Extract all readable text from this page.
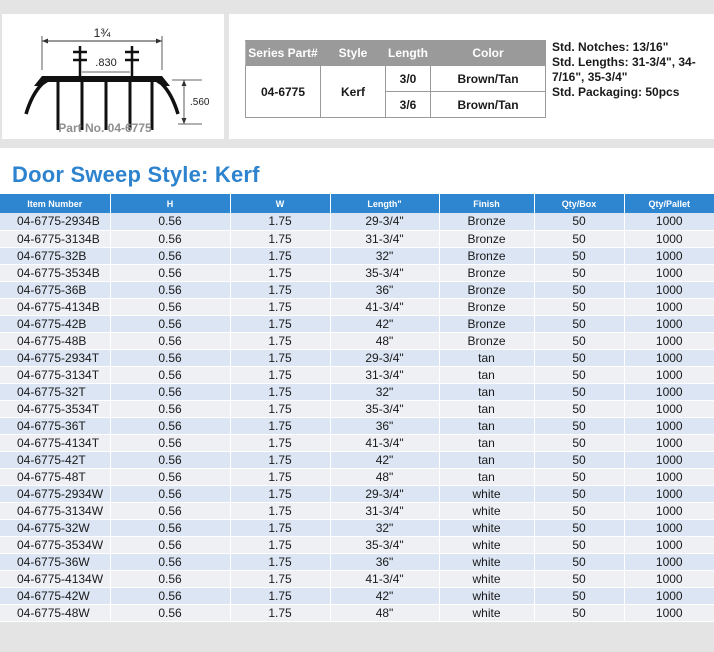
1¾
.830
.560
Part No. 04-6775
Series Part#	Style	Length	Color
04-6775	Kerf	3/0	Brown/Tan
		3/6	Brown/Tan
Std. Notches: 13/16"
Std. Lengths: 31-3/4", 34-7/16", 35-3/4"
Std. Packaging: 50pcs
Door Sweep Style: Kerf
Item Number	H	W	Length"	Finish	Qty/Box	Qty/Pallet
04-6775-2934B	0.56	1.75	29-3/4"	Bronze	50	1000
04-6775-3134B	0.56	1.75	31-3/4"	Bronze	50	1000
04-6775-32B	0.56	1.75	32"	Bronze	50	1000
04-6775-3534B	0.56	1.75	35-3/4"	Bronze	50	1000
04-6775-36B	0.56	1.75	36"	Bronze	50	1000
04-6775-4134B	0.56	1.75	41-3/4"	Bronze	50	1000
04-6775-42B	0.56	1.75	42"	Bronze	50	1000
04-6775-48B	0.56	1.75	48"	Bronze	50	1000
04-6775-2934T	0.56	1.75	29-3/4"	tan	50	1000
04-6775-3134T	0.56	1.75	31-3/4"	tan	50	1000
04-6775-32T	0.56	1.75	32"	tan	50	1000
04-6775-3534T	0.56	1.75	35-3/4"	tan	50	1000
04-6775-36T	0.56	1.75	36"	tan	50	1000
04-6775-4134T	0.56	1.75	41-3/4"	tan	50	1000
04-6775-42T	0.56	1.75	42"	tan	50	1000
04-6775-48T	0.56	1.75	48"	tan	50	1000
04-6775-2934W	0.56	1.75	29-3/4"	white	50	1000
04-6775-3134W	0.56	1.75	31-3/4"	white	50	1000
04-6775-32W	0.56	1.75	32"	white	50	1000
04-6775-3534W	0.56	1.75	35-3/4"	white	50	1000
04-6775-36W	0.56	1.75	36"	white	50	1000
04-6775-4134W	0.56	1.75	41-3/4"	white	50	1000
04-6775-42W	0.56	1.75	42"	white	50	1000
04-6775-48W	0.56	1.75	48"	white	50	1000
